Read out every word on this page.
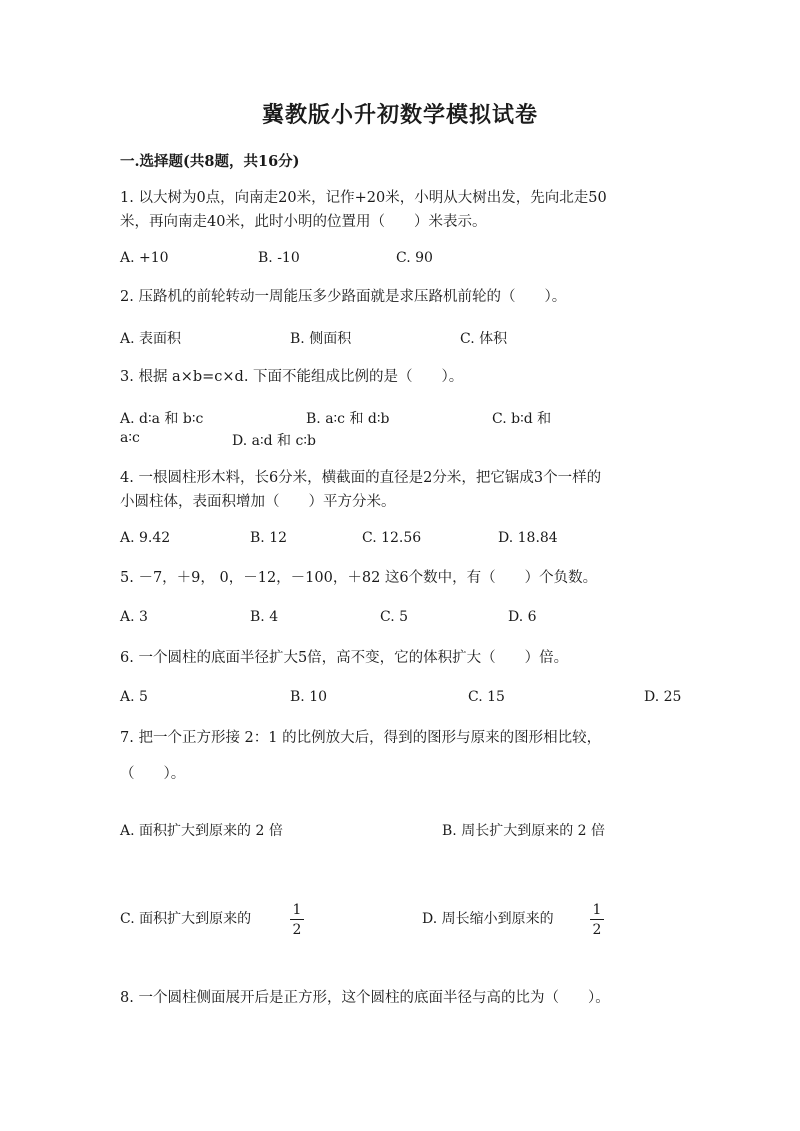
冀教版小升初数学模拟试卷
一.选择题(共8题，共16分)
1. 以大树为0点，向南走20米，记作+20米，小明从大树出发，先向北走50
米，再向南走40米，此时小明的位置用（　　）米表示。
A. +10	B. -10	C. 90
2. 压路机的前轮转动一周能压多少路面就是求压路机前轮的（　　）。
A. 表面积	B. 侧面积	C. 体积
3. 根据 a×b=c×d. 下面不能组成比例的是（　　）。
A. d∶a 和 b∶c	B. a∶c 和 d∶b	C. b∶d 和
a∶c	D. a∶d 和 c∶b
4. 一根圆柱形木料，长6分米，横截面的直径是2分米，把它锯成3个一样的
小圆柱体，表面积增加（　　）平方分米。
A. 9.42	B. 12	C. 12.56	D. 18.84
5. －7，＋9， 0，－12，－100，＋82 这6个数中，有（　　）个负数。
A. 3	B. 4	C. 5	D. 6
6. 一个圆柱的底面半径扩大5倍，高不变，它的体积扩大（　　）倍。
A. 5	B. 10	C. 15	D. 25
7. 把一个正方形接 2：1 的比例放大后，得到的图形与原来的图形相比较，
（　　）。
A. 面积扩大到原来的 2 倍	B. 周长扩大到原来的 2 倍
C. 面积扩大到原来的
1
2
D. 周长缩小到原来的
1
2
8. 一个圆柱侧面展开后是正方形，这个圆柱的底面半径与高的比为（　　）。
